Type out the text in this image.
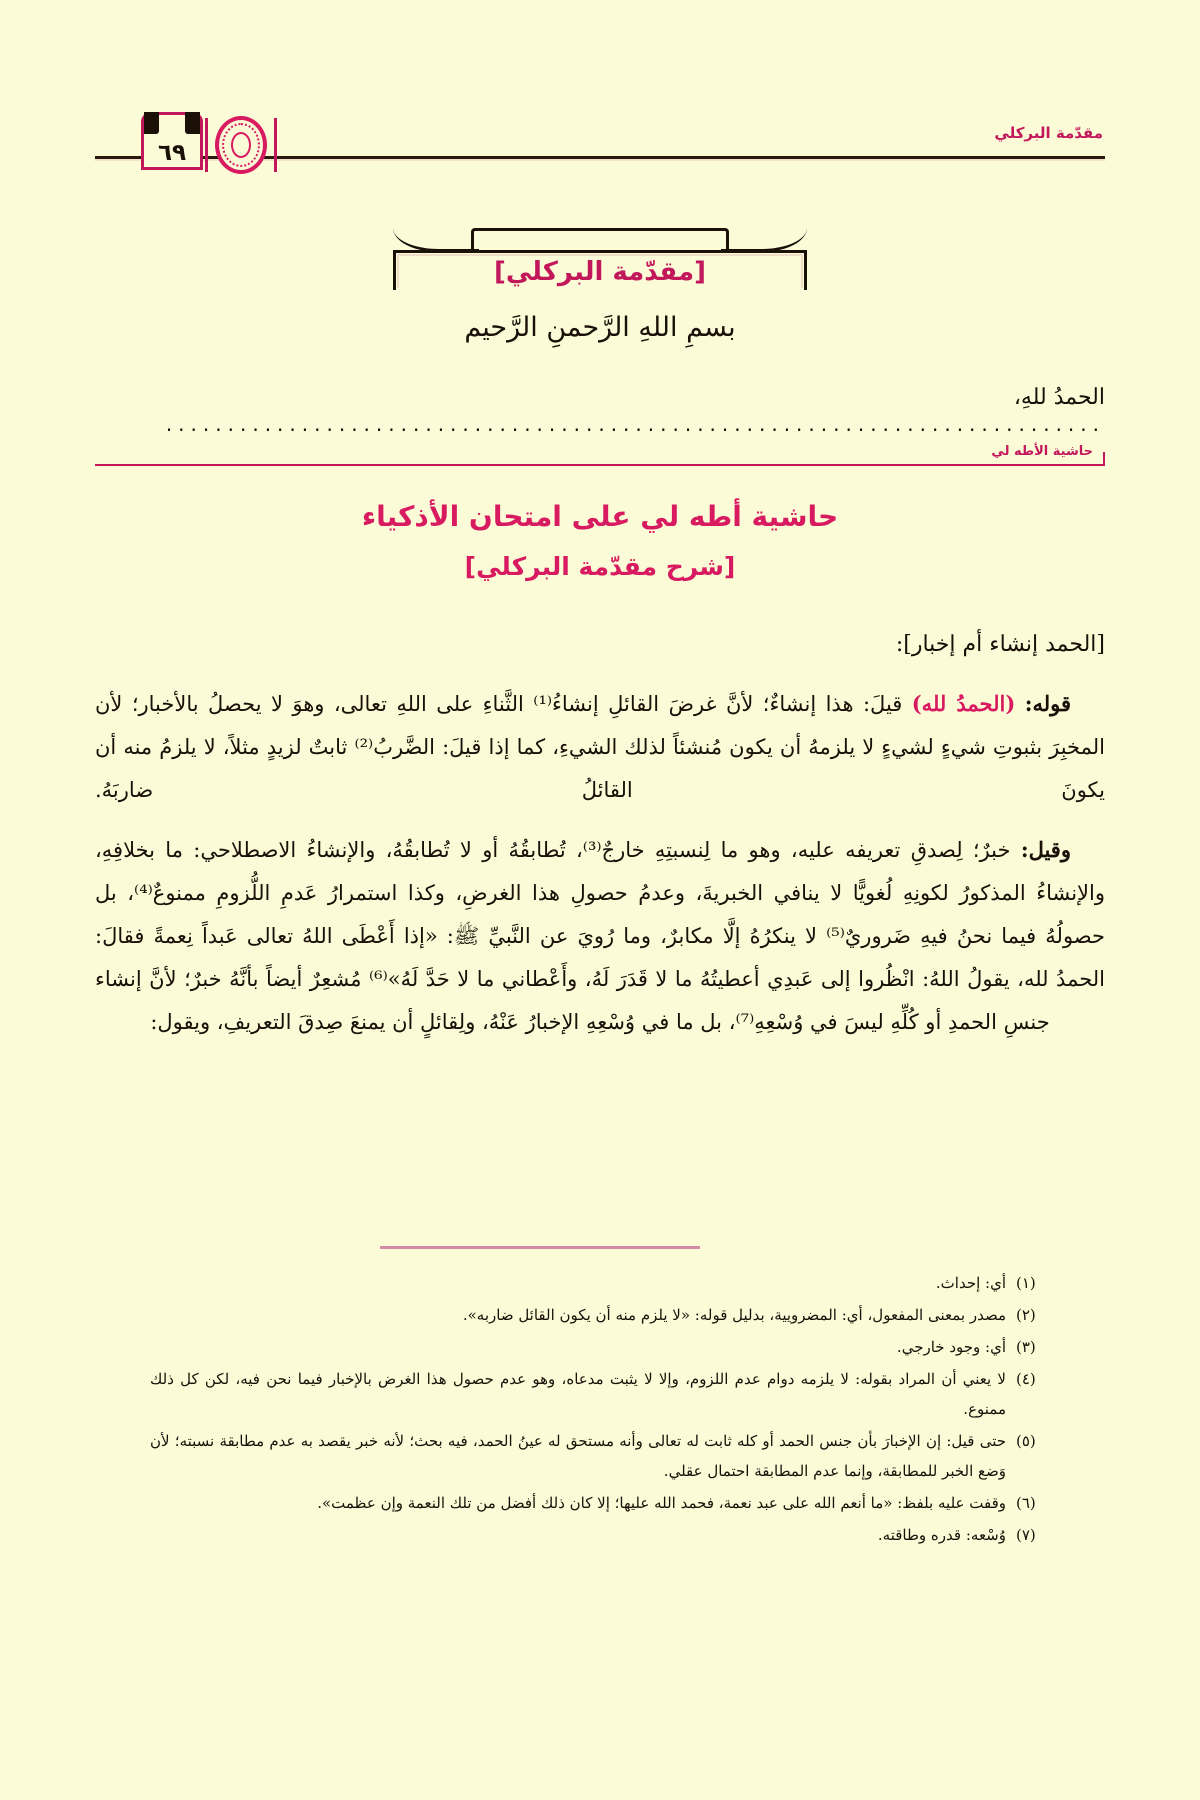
٦٩
مقدّمة البركلي
[مقدّمة البركلي]
بسمِ اللهِ الرَّحمنِ الرَّحيم
الحمدُ للهِ،
............................................................................
حاشية الأطه لي
حاشية أطه لي على امتحان الأذكياء
[شرح مقدّمة البركلي]
[الحمد إنشاء أم إخبار]:

قوله: (الحمدُ لله) قيلَ: هذا إنشاءٌ؛ لأنَّ غرضَ القائلِ إنشاءُ⁽¹⁾ الثَّناءِ على اللهِ تعالى، وهوَ لا يحصلُ بالأخبار؛ لأن المخبِرَ بثبوتِ شيءٍ لشيءٍ لا يلزمهُ أن يكون مُنشئاً لذلك الشيءِ، كما إذا قيلَ: الضَّربُ⁽²⁾ ثابتٌ لزيدٍ مثلاً، لا يلزمُ منه أن يكونَ القائلُ ضاربَهُ.

وقيل: خبرٌ؛ لِصدقِ تعريفه عليه، وهو ما لِنسبتِهِ خارجٌ⁽³⁾، تُطابقُهُ أو لا تُطابقُهُ، والإنشاءُ الاصطلاحي: ما بخلافِهِ، والإنشاءُ المذكورُ لكونِهِ لُغويًّا لا ينافي الخبريةَ، وعدمُ حصولِ هذا الغرضِ، وكذا استمرارُ عَدمِ اللُّزومِ ممنوعٌ⁽⁴⁾، بل حصولُهُ فيما نحنُ فيهِ ضَروريٌ⁽⁵⁾ لا ينكرُهُ إلَّا مكابرٌ، وما رُويَ عن النَّبيِّ ﷺ: «إذا أَعْطَى اللهُ تعالى عَبداً نِعمةً فقالَ: الحمدُ لله، يقولُ اللهُ: انْظُروا إلى عَبدِي أعطيتُهُ ما لا قَدَرَ لَهُ، وأَعْطاني ما لا حَدَّ لَهُ»⁽⁶⁾ مُشعِرٌ أيضاً بأنَّهُ خبرٌ؛ لأنَّ إنشاء جنسِ الحمدِ أو كُلِّهِ ليسَ في وُسْعِهِ⁽⁷⁾، بل ما في وُسْعِهِ الإخبارُ عَنْهُ، ولِقائلٍ أن يمنعَ صِدقَ التعريفِ، ويقول:

(١)
أي: إحداث.
(٢)
مصدر بمعنى المفعول، أي: المضرويية، بدليل قوله: «لا يلزم منه أن يكون القائل ضاربه».
(٣)
أي: وجود خارجي.
(٤)
لا يعني أن المراد بقوله: لا يلزمه دوام عدم اللزوم، وإلا لا يثبت مدعاه، وهو عدم حصول هذا الغرض بالإخبار فيما نحن فيه، لكن كل ذلك ممنوع.
(٥)
حتى قيل: إن الإخبارَ بأن جنس الحمد أو كله ثابت له تعالى وأنه مستحق له عينُ الحمد، فيه بحث؛ لأنه خبر يقصد به عدم مطابقة نسبته؛ لأن وَضع الخبر للمطابقة، وإنما عدم المطابقة احتمال عقلي.
(٦)
وقفت عليه بلفظ: «ما أنعم الله على عبد نعمة، فحمد الله عليها؛ إلا كان ذلك أفضل من تلك النعمة وإن عظمت».
(٧)
وُسْعه: قدره وطاقته.
